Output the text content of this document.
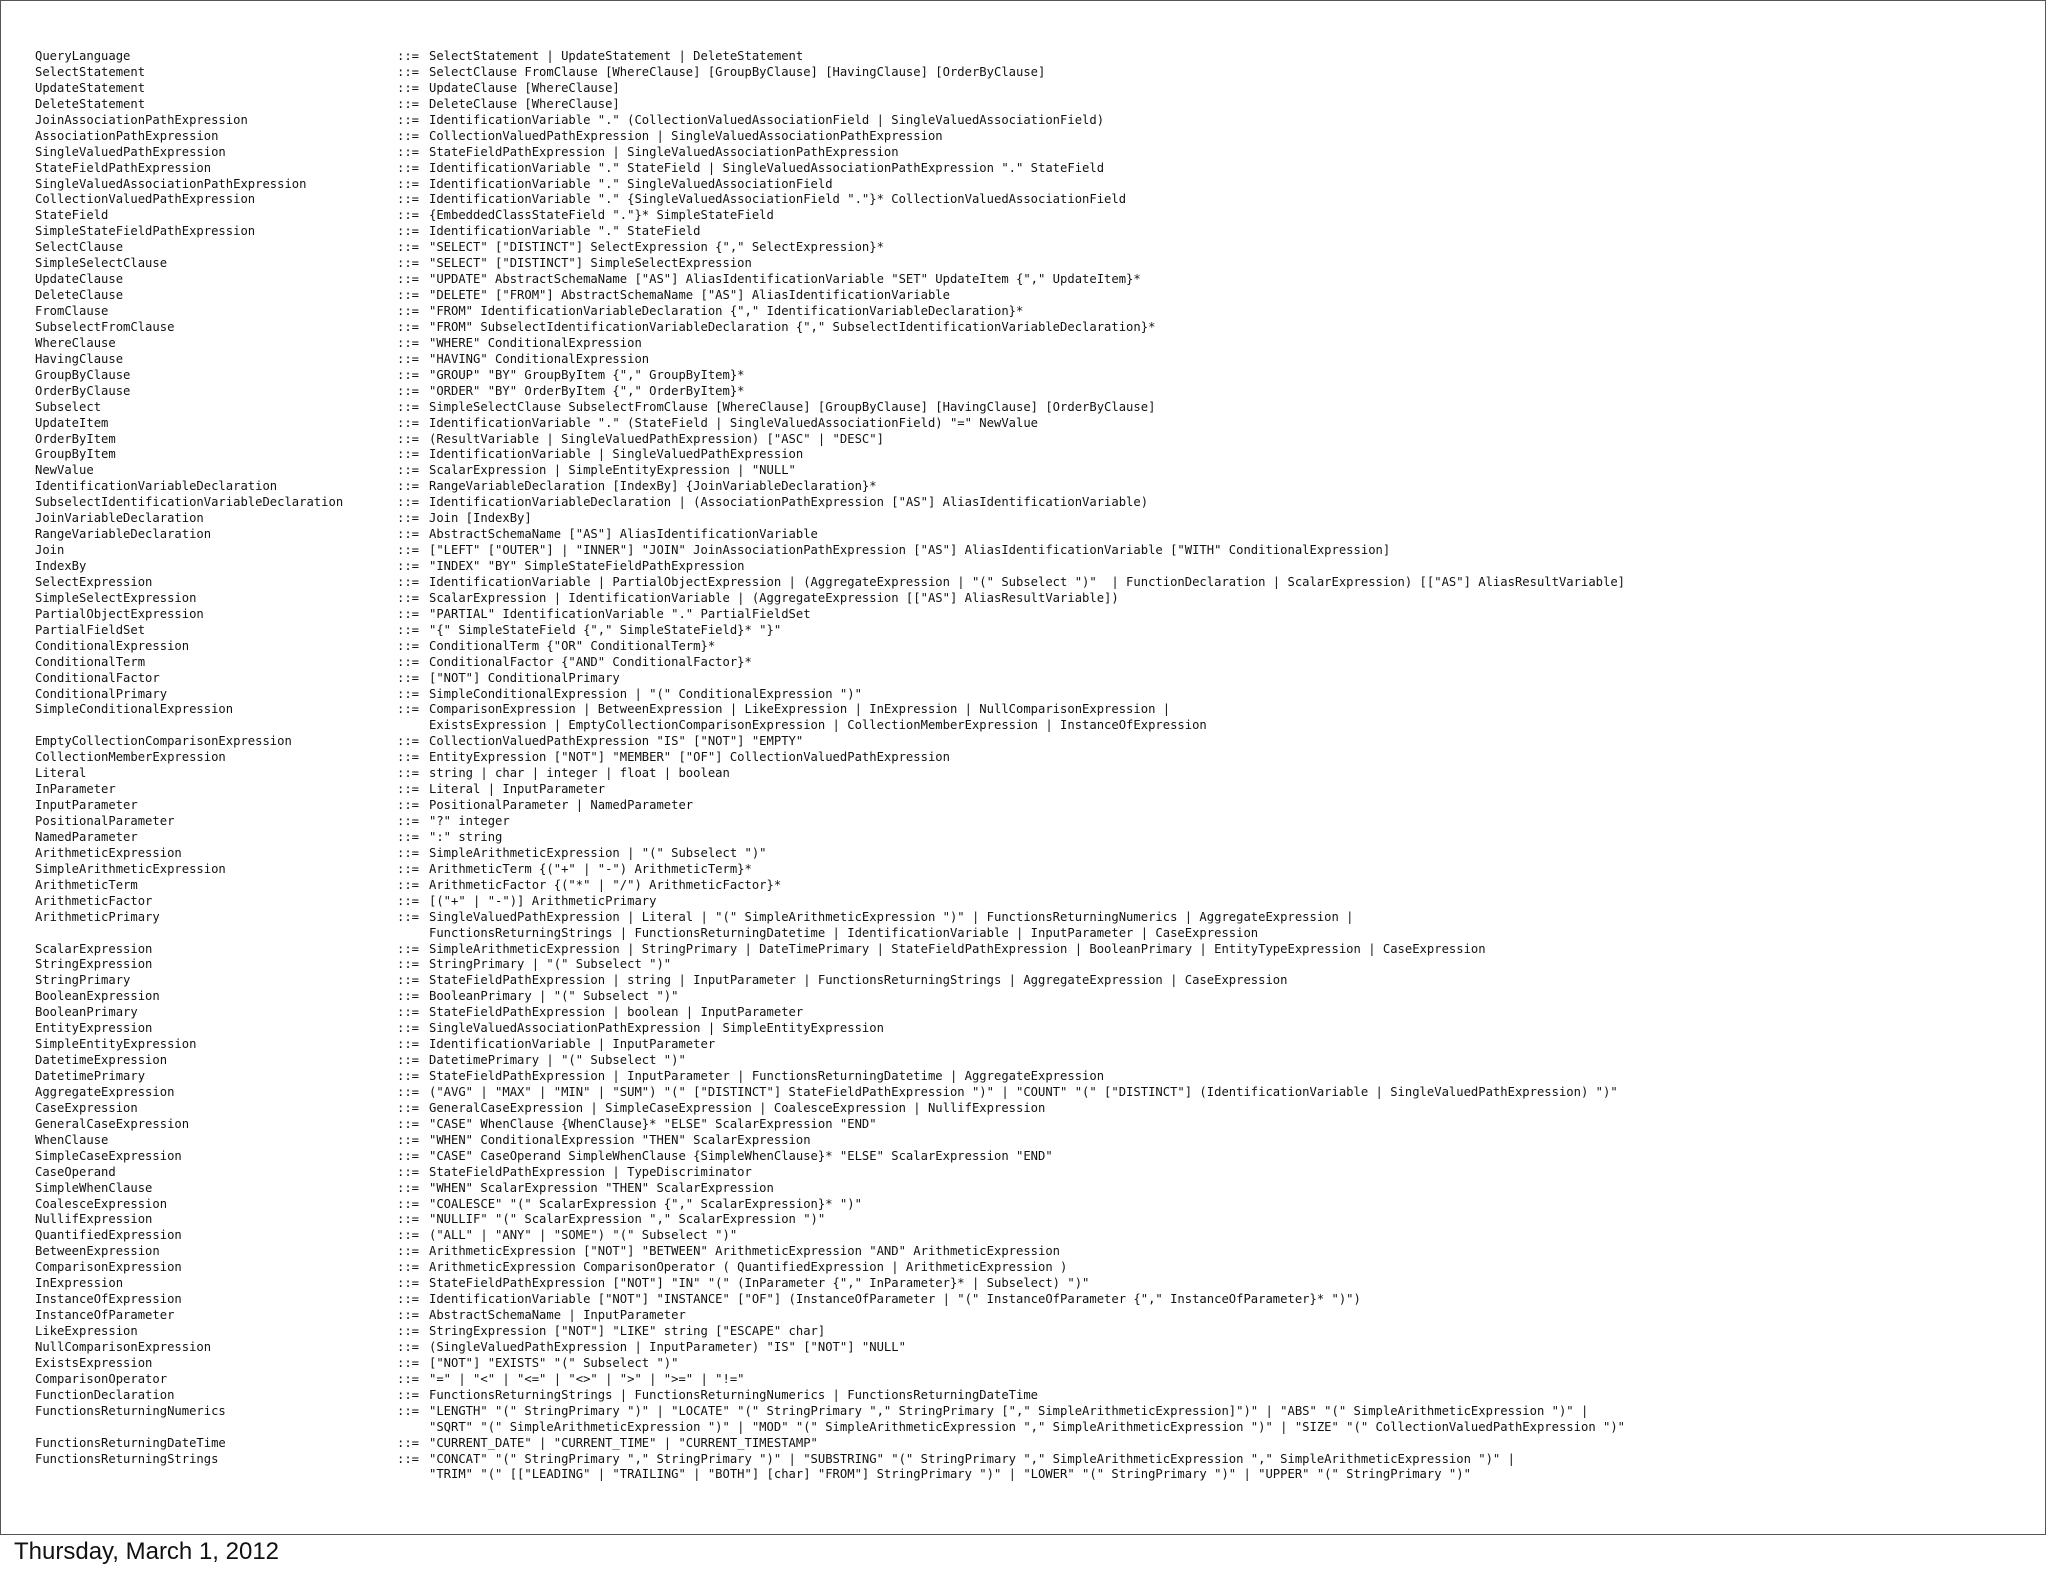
QueryLanguage	::= SelectStatement | UpdateStatement | DeleteStatement
SelectStatement	::= SelectClause FromClause [WhereClause] [GroupByClause] [HavingClause] [OrderByClause]
UpdateStatement	::= UpdateClause [WhereClause]
DeleteStatement	::= DeleteClause [WhereClause]
JoinAssociationPathExpression	::= IdentificationVariable "." (CollectionValuedAssociationField | SingleValuedAssociationField)
AssociationPathExpression	::= CollectionValuedPathExpression | SingleValuedAssociationPathExpression
SingleValuedPathExpression	::= StateFieldPathExpression | SingleValuedAssociationPathExpression
StateFieldPathExpression	::= IdentificationVariable "." StateField | SingleValuedAssociationPathExpression "." StateField
SingleValuedAssociationPathExpression	::= IdentificationVariable "." SingleValuedAssociationField
CollectionValuedPathExpression	::= IdentificationVariable "." {SingleValuedAssociationField "."}* CollectionValuedAssociationField
StateField	::= {EmbeddedClassStateField "."}* SimpleStateField
SimpleStateFieldPathExpression	::= IdentificationVariable "." StateField
SelectClause	::= "SELECT" ["DISTINCT"] SelectExpression {"," SelectExpression}*
SimpleSelectClause	::= "SELECT" ["DISTINCT"] SimpleSelectExpression
UpdateClause	::= "UPDATE" AbstractSchemaName ["AS"] AliasIdentificationVariable "SET" UpdateItem {"," UpdateItem}*
DeleteClause	::= "DELETE" ["FROM"] AbstractSchemaName ["AS"] AliasIdentificationVariable
FromClause	::= "FROM" IdentificationVariableDeclaration {"," IdentificationVariableDeclaration}*
SubselectFromClause	::= "FROM" SubselectIdentificationVariableDeclaration {"," SubselectIdentificationVariableDeclaration}*
WhereClause	::= "WHERE" ConditionalExpression
HavingClause	::= "HAVING" ConditionalExpression
GroupByClause	::= "GROUP" "BY" GroupByItem {"," GroupByItem}*
OrderByClause	::= "ORDER" "BY" OrderByItem {"," OrderByItem}*
Subselect	::= SimpleSelectClause SubselectFromClause [WhereClause] [GroupByClause] [HavingClause] [OrderByClause]
UpdateItem	::= IdentificationVariable "." (StateField | SingleValuedAssociationField) "=" NewValue
OrderByItem	::= (ResultVariable | SingleValuedPathExpression) ["ASC" | "DESC"]
GroupByItem	::= IdentificationVariable | SingleValuedPathExpression
NewValue	::= ScalarExpression | SimpleEntityExpression | "NULL"
IdentificationVariableDeclaration	::= RangeVariableDeclaration [IndexBy] {JoinVariableDeclaration}*
SubselectIdentificationVariableDeclaration	::= IdentificationVariableDeclaration | (AssociationPathExpression ["AS"] AliasIdentificationVariable)
JoinVariableDeclaration	::= Join [IndexBy]
RangeVariableDeclaration	::= AbstractSchemaName ["AS"] AliasIdentificationVariable
Join	::= ["LEFT" ["OUTER"] | "INNER"] "JOIN" JoinAssociationPathExpression ["AS"] AliasIdentificationVariable ["WITH" ConditionalExpression]
IndexBy	::= "INDEX" "BY" SimpleStateFieldPathExpression
SelectExpression	::= IdentificationVariable | PartialObjectExpression | (AggregateExpression | "(" Subselect ")"  | FunctionDeclaration | ScalarExpression) [["AS"] AliasResultVariable]
SimpleSelectExpression	::= ScalarExpression | IdentificationVariable | (AggregateExpression [["AS"] AliasResultVariable])
PartialObjectExpression	::= "PARTIAL" IdentificationVariable "." PartialFieldSet
PartialFieldSet	::= "{" SimpleStateField {"," SimpleStateField}* "}"
ConditionalExpression	::= ConditionalTerm {"OR" ConditionalTerm}*
ConditionalTerm	::= ConditionalFactor {"AND" ConditionalFactor}*
ConditionalFactor	::= ["NOT"] ConditionalPrimary
ConditionalPrimary	::= SimpleConditionalExpression | "(" ConditionalExpression ")"
SimpleConditionalExpression	::= ComparisonExpression | BetweenExpression | LikeExpression | InExpression | NullComparisonExpression |
ExistsExpression | EmptyCollectionComparisonExpression | CollectionMemberExpression | InstanceOfExpression
EmptyCollectionComparisonExpression	::= CollectionValuedPathExpression "IS" ["NOT"] "EMPTY"
CollectionMemberExpression	::= EntityExpression ["NOT"] "MEMBER" ["OF"] CollectionValuedPathExpression
Literal	::= string | char | integer | float | boolean
InParameter	::= Literal | InputParameter
InputParameter	::= PositionalParameter | NamedParameter
PositionalParameter	::= "?" integer
NamedParameter	::= ":" string
ArithmeticExpression	::= SimpleArithmeticExpression | "(" Subselect ")"
SimpleArithmeticExpression	::= ArithmeticTerm {("+" | "-") ArithmeticTerm}*
ArithmeticTerm	::= ArithmeticFactor {("*" | "/") ArithmeticFactor}*
ArithmeticFactor	::= [("+" | "-")] ArithmeticPrimary
ArithmeticPrimary	::= SingleValuedPathExpression | Literal | "(" SimpleArithmeticExpression ")" | FunctionsReturningNumerics | AggregateExpression |
FunctionsReturningStrings | FunctionsReturningDatetime | IdentificationVariable | InputParameter | CaseExpression
ScalarExpression	::= SimpleArithmeticExpression | StringPrimary | DateTimePrimary | StateFieldPathExpression | BooleanPrimary | EntityTypeExpression | CaseExpression
StringExpression	::= StringPrimary | "(" Subselect ")"
StringPrimary	::= StateFieldPathExpression | string | InputParameter | FunctionsReturningStrings | AggregateExpression | CaseExpression
BooleanExpression	::= BooleanPrimary | "(" Subselect ")"
BooleanPrimary	::= StateFieldPathExpression | boolean | InputParameter
EntityExpression	::= SingleValuedAssociationPathExpression | SimpleEntityExpression
SimpleEntityExpression	::= IdentificationVariable | InputParameter
DatetimeExpression	::= DatetimePrimary | "(" Subselect ")"
DatetimePrimary	::= StateFieldPathExpression | InputParameter | FunctionsReturningDatetime | AggregateExpression
AggregateExpression	::= ("AVG" | "MAX" | "MIN" | "SUM") "(" ["DISTINCT"] StateFieldPathExpression ")" | "COUNT" "(" ["DISTINCT"] (IdentificationVariable | SingleValuedPathExpression) ")"
CaseExpression	::= GeneralCaseExpression | SimpleCaseExpression | CoalesceExpression | NullifExpression
GeneralCaseExpression	::= "CASE" WhenClause {WhenClause}* "ELSE" ScalarExpression "END"
WhenClause	::= "WHEN" ConditionalExpression "THEN" ScalarExpression
SimpleCaseExpression	::= "CASE" CaseOperand SimpleWhenClause {SimpleWhenClause}* "ELSE" ScalarExpression "END"
CaseOperand	::= StateFieldPathExpression | TypeDiscriminator
SimpleWhenClause	::= "WHEN" ScalarExpression "THEN" ScalarExpression
CoalesceExpression	::= "COALESCE" "(" ScalarExpression {"," ScalarExpression}* ")"
NullifExpression	::= "NULLIF" "(" ScalarExpression "," ScalarExpression ")"
QuantifiedExpression	::= ("ALL" | "ANY" | "SOME") "(" Subselect ")"
BetweenExpression	::= ArithmeticExpression ["NOT"] "BETWEEN" ArithmeticExpression "AND" ArithmeticExpression
ComparisonExpression	::= ArithmeticExpression ComparisonOperator ( QuantifiedExpression | ArithmeticExpression )
InExpression	::= StateFieldPathExpression ["NOT"] "IN" "(" (InParameter {"," InParameter}* | Subselect) ")"
InstanceOfExpression	::= IdentificationVariable ["NOT"] "INSTANCE" ["OF"] (InstanceOfParameter | "(" InstanceOfParameter {"," InstanceOfParameter}* ")")
InstanceOfParameter	::= AbstractSchemaName | InputParameter
LikeExpression	::= StringExpression ["NOT"] "LIKE" string ["ESCAPE" char]
NullComparisonExpression	::= (SingleValuedPathExpression | InputParameter) "IS" ["NOT"] "NULL"
ExistsExpression	::= ["NOT"] "EXISTS" "(" Subselect ")"
ComparisonOperator	::= "=" | "<" | "<=" | "<>" | ">" | ">=" | "!="
FunctionDeclaration	::= FunctionsReturningStrings | FunctionsReturningNumerics | FunctionsReturningDateTime
FunctionsReturningNumerics	::= "LENGTH" "(" StringPrimary ")" | "LOCATE" "(" StringPrimary "," StringPrimary ["," SimpleArithmeticExpression]")" | "ABS" "(" SimpleArithmeticExpression ")" |
"SQRT" "(" SimpleArithmeticExpression ")" | "MOD" "(" SimpleArithmeticExpression "," SimpleArithmeticExpression ")" | "SIZE" "(" CollectionValuedPathExpression ")"
FunctionsReturningDateTime	::= "CURRENT_DATE" | "CURRENT_TIME" | "CURRENT_TIMESTAMP"
FunctionsReturningStrings	::= "CONCAT" "(" StringPrimary "," StringPrimary ")" | "SUBSTRING" "(" StringPrimary "," SimpleArithmeticExpression "," SimpleArithmeticExpression ")" |
"TRIM" "(" [["LEADING" | "TRAILING" | "BOTH"] [char] "FROM"] StringPrimary ")" | "LOWER" "(" StringPrimary ")" | "UPPER" "(" StringPrimary ")"
Thursday, March 1, 2012
